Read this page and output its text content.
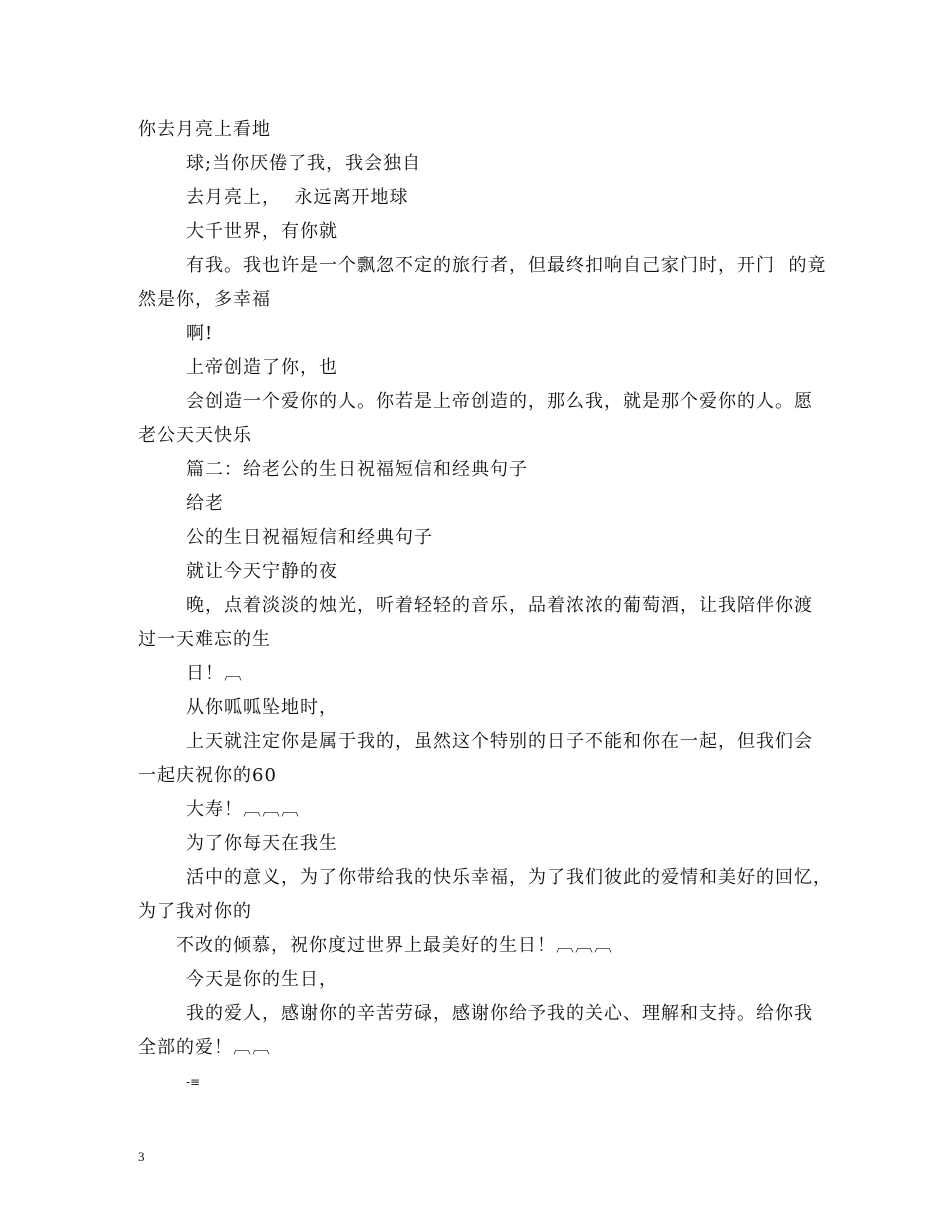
你去月亮上看地
球;当你厌倦了我，我会独自
去月亮上，  永远离开地球
大千世界，有你就
有我。我也许是一个飘忽不定的旅行者，但最终扣响自己家门时，开门  的竟
然是你，多幸福
啊!
上帝创造了你，也
会创造一个爱你的人。你若是上帝创造的，那么我，就是那个爱你的人。愿
老公天天快乐
篇二：给老公的生日祝福短信和经典句子
给老
公的生日祝福短信和经典句子
就让今天宁静的夜
晚，点着淡淡的烛光，听着轻轻的音乐，品着浓浓的葡萄酒，让我陪伴你渡
过一天难忘的生
日！︹
从你呱呱坠地时，
上天就注定你是属于我的，虽然这个特别的日子不能和你在一起，但我们会
一起庆祝你的60
大寿！︹︹︹
为了你每天在我生
活中的意义，为了你带给我的快乐幸福，为了我们彼此的爱情和美好的回忆，
为了我对你的
不改的倾慕，祝你度过世界上最美好的生日！︹︹︹
今天是你的生日，
我的爱人，感谢你的辛苦劳碌，感谢你给予我的关心、理解和支持。给你我
全部的爱！︹︹
-≡
3
